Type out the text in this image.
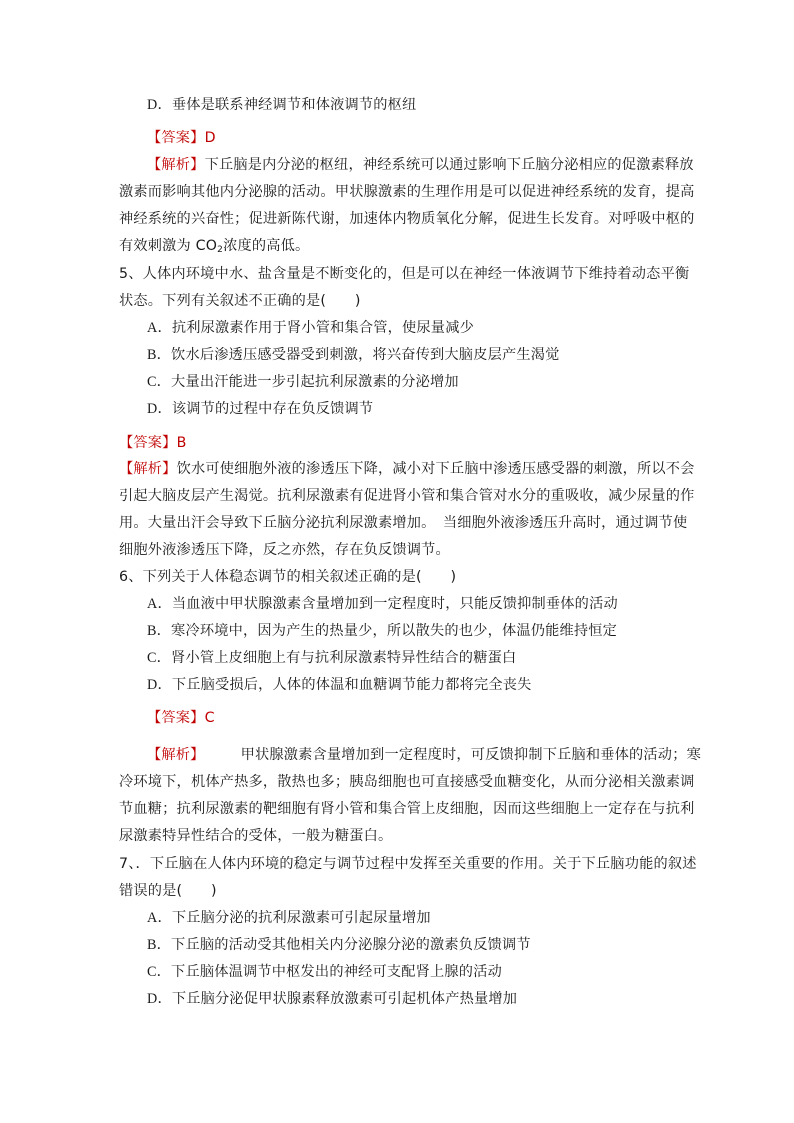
D．垂体是联系神经调节和体液调节的枢纽
【答案】D
【解析】下丘脑是内分泌的枢纽，神经系统可以通过影响下丘脑分泌相应的促激素释放
激素而影响其他内分泌腺的活动。甲状腺激素的生理作用是可以促进神经系统的发育，提高
神经系统的兴奋性；促进新陈代谢，加速体内物质氧化分解，促进生长发育。对呼吸中枢的
有效刺激为 $CO_2$浓度的高低。
5、人体内环境中水、盐含量是不断变化的，但是可以在神经一体液调节下维持着动态平衡
状态。下列有关叙述不正确的是(　　)
A．抗利尿激素作用于肾小管和集合管，使尿量减少
B．饮水后渗透压感受器受到刺激，将兴奋传到大脑皮层产生渴觉
C．大量出汗能进一步引起抗利尿激素的分泌增加
D．该调节的过程中存在负反馈调节
【答案】B
【解析】饮水可使细胞外液的渗透压下降，减小对下丘脑中渗透压感受器的刺激，所以不会
引起大脑皮层产生渴觉。抗利尿激素有促进肾小管和集合管对水分的重吸收，减少尿量的作
用。大量出汗会导致下丘脑分泌抗利尿激素增加。　当细胞外液渗透压升高时，通过调节使
细胞外液渗透压下降，反之亦然，存在负反馈调节。
6、下列关于人体稳态调节的相关叙述正确的是(　　)
A．当血液中甲状腺激素含量增加到一定程度时，只能反馈抑制垂体的活动
B．寒冷环境中，因为产生的热量少，所以散失的也少，体温仍能维持恒定
C．肾小管上皮细胞上有与抗利尿激素特异性结合的糖蛋白
D．下丘脑受损后，人体的体温和血糖调节能力都将完全丧失
【答案】C
【解析】	甲状腺激素含量增加到一定程度时，可反馈抑制下丘脑和垂体的活动；寒
冷环境下，机体产热多，散热也多；胰岛细胞也可直接感受血糖变化，从而分泌相关激素调
节血糖；抗利尿激素的靶细胞有肾小管和集合管上皮细胞，因而这些细胞上一定存在与抗利
尿激素特异性结合的受体，一般为糖蛋白。
7、．下丘脑在人体内环境的稳定与调节过程中发挥至关重要的作用。关于下丘脑功能的叙述
错误的是(　　)
A．下丘脑分泌的抗利尿激素可引起尿量增加
B．下丘脑的活动受其他相关内分泌腺分泌的激素负反馈调节
C．下丘脑体温调节中枢发出的神经可支配肾上腺的活动
D．下丘脑分泌促甲状腺素释放激素可引起机体产热量增加
